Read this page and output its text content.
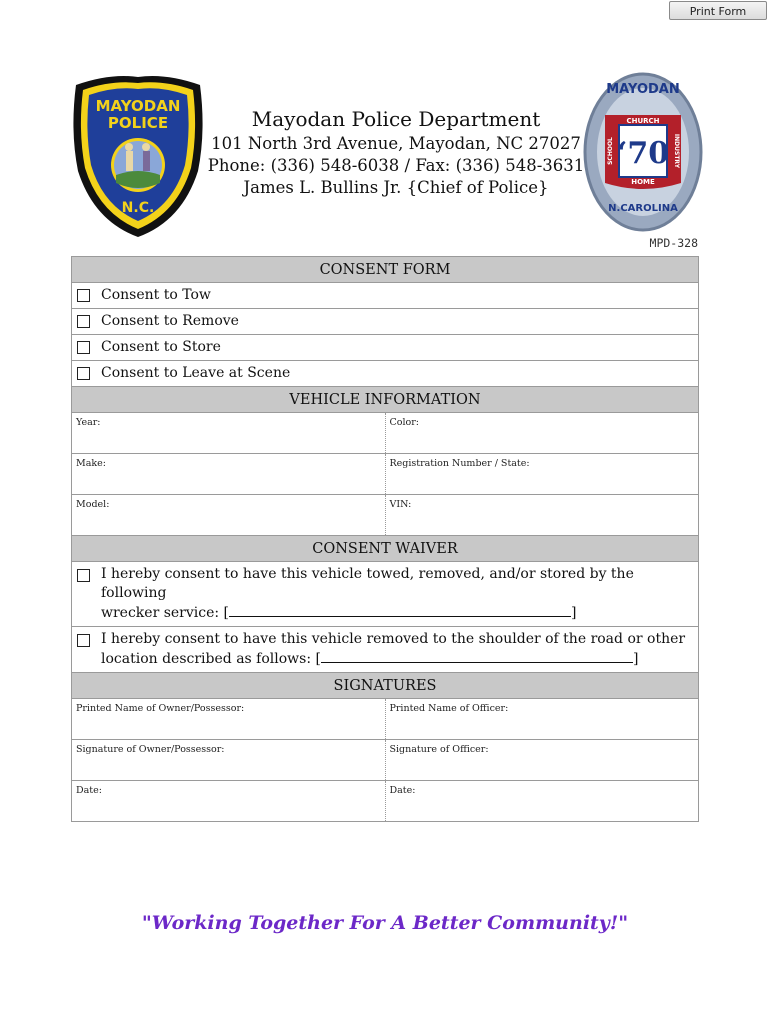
Print Form
MAYODAN
POLICE
N.C.
MAYODAN
CHURCH
SCHOOL	INDUSTRY
HOME
‘70
N.CAROLINA
Mayodan Police Department
101 North 3rd Avenue, Mayodan, NC 27027
Phone: (336) 548-6038 / Fax: (336) 548-3631
James L. Bullins Jr. {Chief of Police}
MPD-328
CONSENT FORM
Consent to Tow
Consent to Remove
Consent to Store
Consent to Leave at Scene
VEHICLE INFORMATION
Year:	Color:
Make:	Registration Number / State:
Model:	VIN:
CONSENT WAIVER
I hereby consent to have this vehicle towed, removed, and/or stored by the following
wrecker service: [	]
I hereby consent to have this vehicle removed to the shoulder of the road or other
location described as follows: [	]
SIGNATURES
Printed Name of Owner/Possessor:	Printed Name of Officer:
Signature of Owner/Possessor:	Signature of Officer:
Date:	Date:
"Working Together For A Better Community!"
